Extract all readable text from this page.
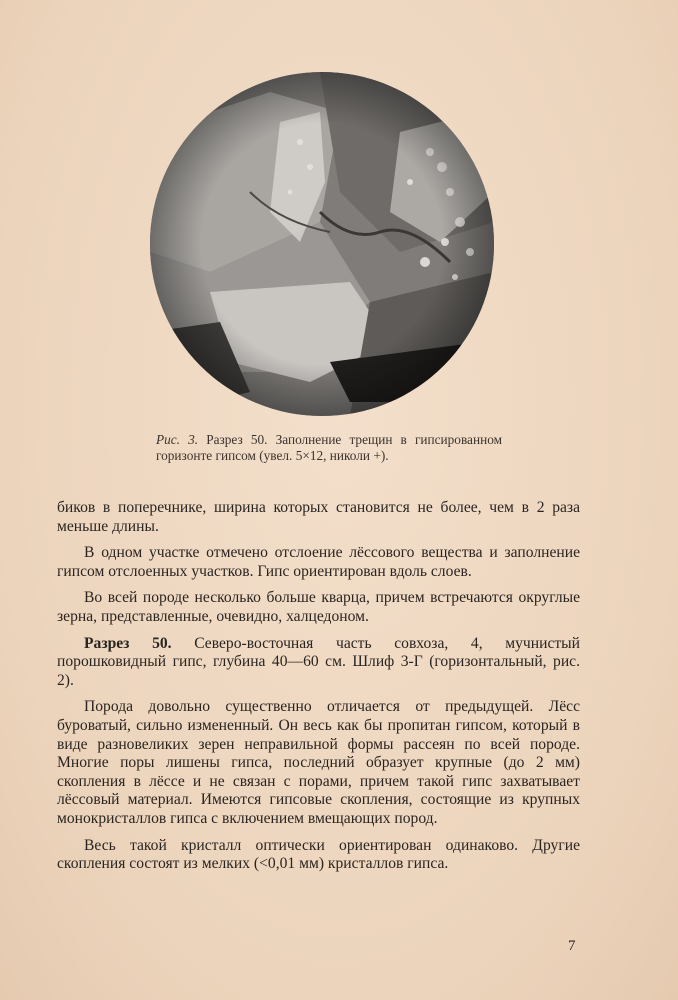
Рис. 3. Разрез 50. Заполнение трещин в гипсированном горизонте гипсом (увел. 5×12, николи +).

биков в поперечнике, ширина которых становится не более, чем в 2 раза меньше длины.

В одном участке отмечено отслоение лёссового вещества и заполнение гипсом отслоенных участков. Гипс ориентирован вдоль слоев.

Во всей породе несколько больше кварца, причем встречаются округлые зерна, представленные, очевидно, халцедоном.

Разрез 50. Северо-восточная часть совхоза, 4, мучнистый порошковидный гипс, глубина 40—60 см. Шлиф 3-Г (горизонтальный, рис. 2).

Порода довольно существенно отличается от предыдущей. Лёсс буроватый, сильно измененный. Он весь как бы пропитан гипсом, который в виде разновеликих зерен неправильной формы рассеян по всей породе. Многие поры лишены гипса, последний образует крупные (до 2 мм) скопления в лёссе и не связан с порами, причем такой гипс захватывает лёссовый материал. Имеются гипсовые скопления, состоящие из крупных монокристаллов гипса с включением вмещающих пород.

Весь такой кристалл оптически ориентирован одинаково. Другие скопления состоят из мелких (<0,01 мм) кристаллов гипса.

7
